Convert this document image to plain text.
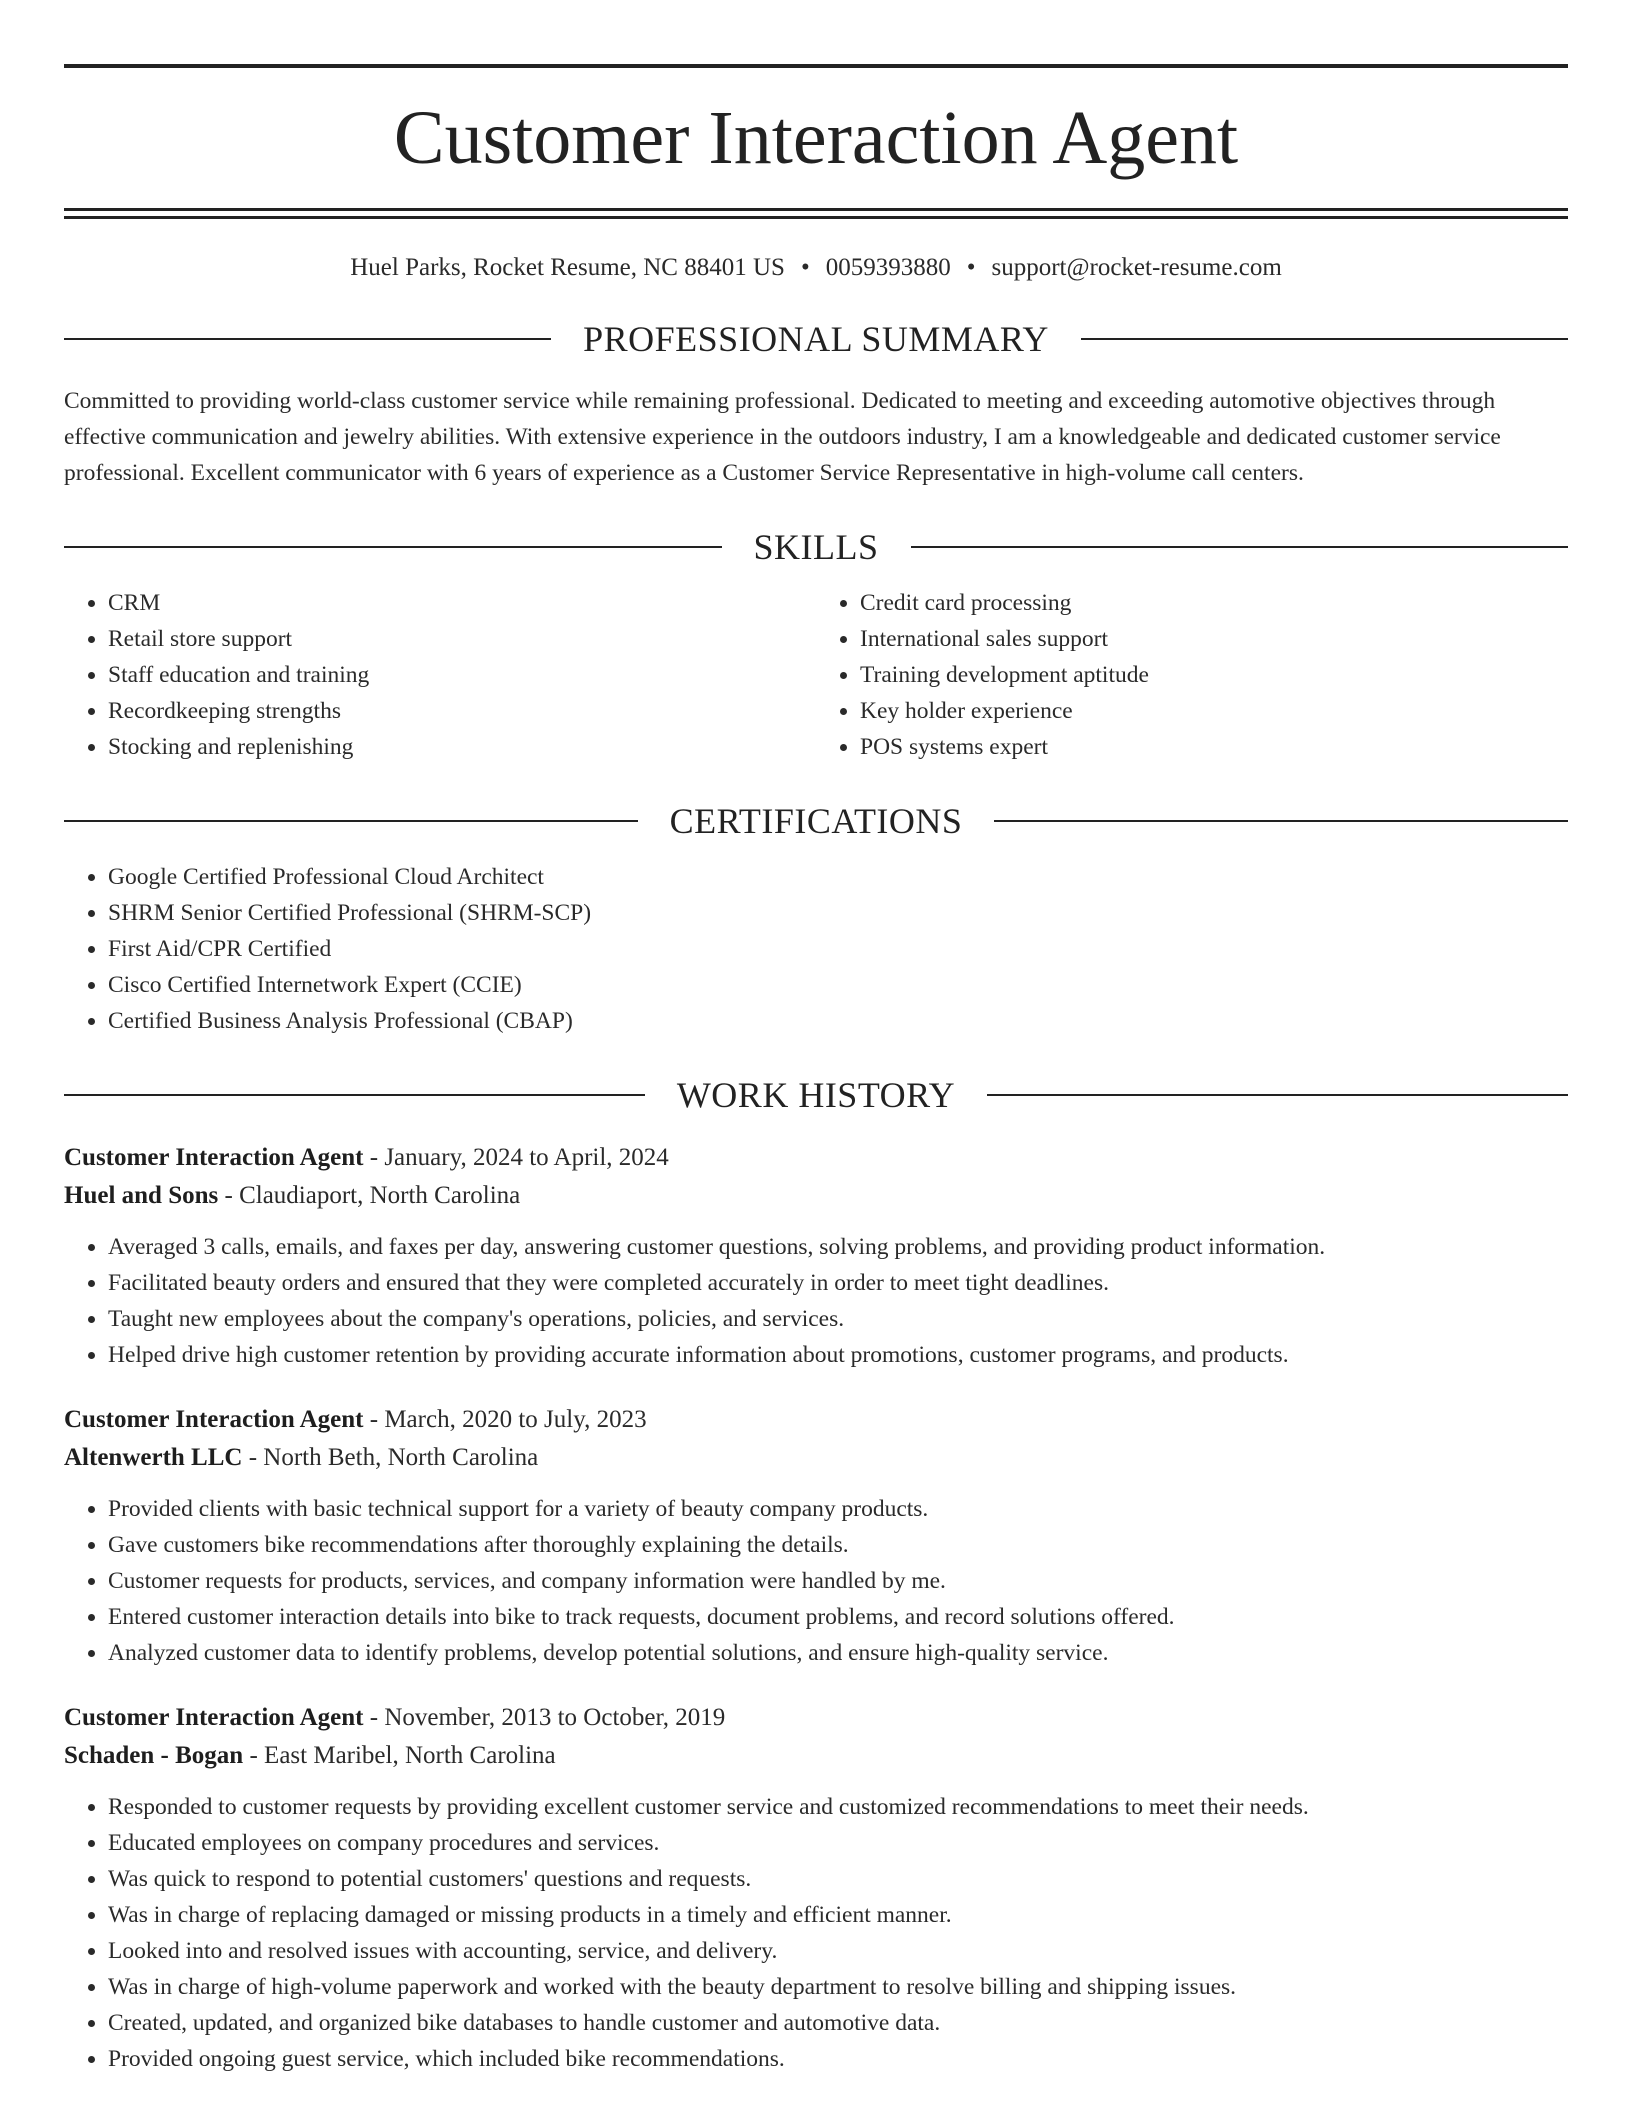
Customer Interaction Agent
Huel Parks, Rocket Resume, NC 88401 US • 0059393880 • support@rocket-resume.com
PROFESSIONAL SUMMARY
Committed to providing world-class customer service while remaining professional. Dedicated to meeting and exceeding automotive objectives through effective communication and jewelry abilities. With extensive experience in the outdoors industry, I am a knowledgeable and dedicated customer service professional. Excellent communicator with 6 years of experience as a Customer Service Representative in high-volume call centers.
SKILLS
• CRM
• Retail store support
• Staff education and training
• Recordkeeping strengths
• Stocking and replenishing
• Credit card processing
• International sales support
• Training development aptitude
• Key holder experience
• POS systems expert
CERTIFICATIONS
• Google Certified Professional Cloud Architect
• SHRM Senior Certified Professional (SHRM-SCP)
• First Aid/CPR Certified
• Cisco Certified Internetwork Expert (CCIE)
• Certified Business Analysis Professional (CBAP)
WORK HISTORY
Customer Interaction Agent - January, 2024 to April, 2024
Huel and Sons - Claudiaport, North Carolina
• Averaged 3 calls, emails, and faxes per day, answering customer questions, solving problems, and providing product information.
• Facilitated beauty orders and ensured that they were completed accurately in order to meet tight deadlines.
• Taught new employees about the company's operations, policies, and services.
• Helped drive high customer retention by providing accurate information about promotions, customer programs, and products.
Customer Interaction Agent - March, 2020 to July, 2023
Altenwerth LLC - North Beth, North Carolina
• Provided clients with basic technical support for a variety of beauty company products.
• Gave customers bike recommendations after thoroughly explaining the details.
• Customer requests for products, services, and company information were handled by me.
• Entered customer interaction details into bike to track requests, document problems, and record solutions offered.
• Analyzed customer data to identify problems, develop potential solutions, and ensure high-quality service.
Customer Interaction Agent - November, 2013 to October, 2019
Schaden - Bogan - East Maribel, North Carolina
• Responded to customer requests by providing excellent customer service and customized recommendations to meet their needs.
• Educated employees on company procedures and services.
• Was quick to respond to potential customers' questions and requests.
• Was in charge of replacing damaged or missing products in a timely and efficient manner.
• Looked into and resolved issues with accounting, service, and delivery.
• Was in charge of high-volume paperwork and worked with the beauty department to resolve billing and shipping issues.
• Created, updated, and organized bike databases to handle customer and automotive data.
• Provided ongoing guest service, which included bike recommendations.
